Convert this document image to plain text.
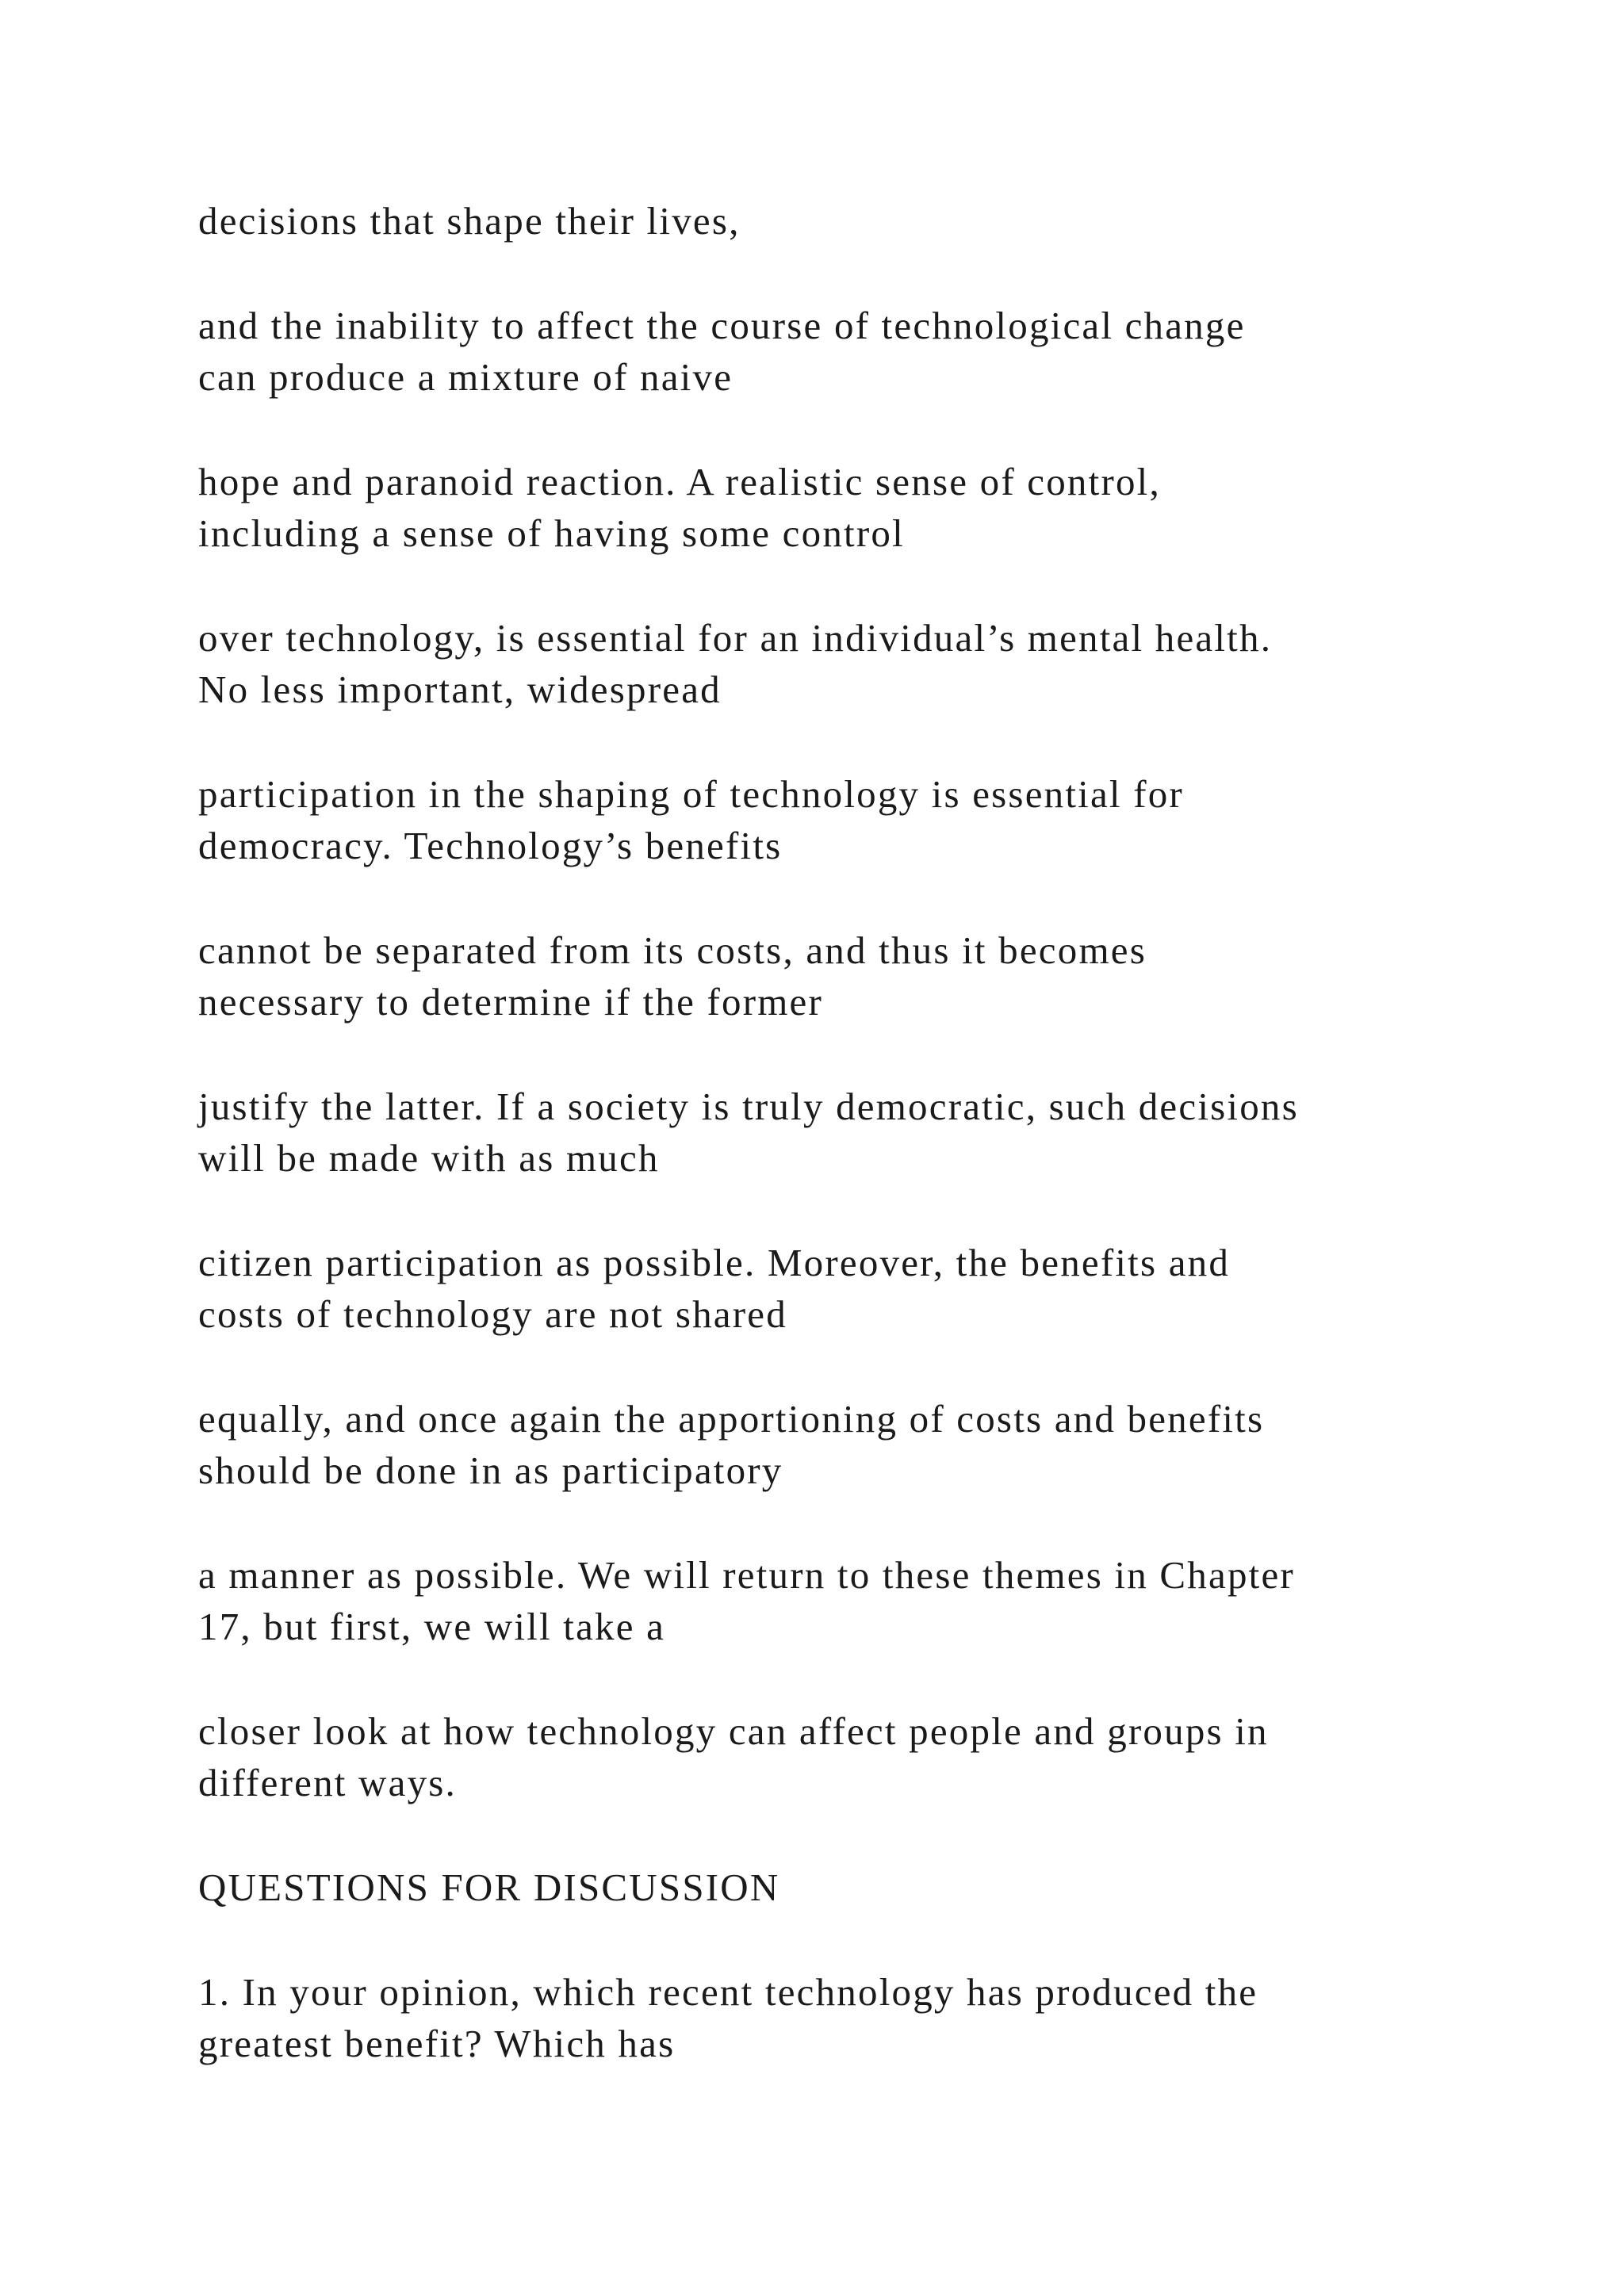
decisions that shape their lives,

and the inability to affect the course of technological change
can produce a mixture of naive

hope and paranoid reaction. A realistic sense of control,
including a sense of having some control

over technology, is essential for an individual’s mental health.
No less important, widespread

participation in the shaping of technology is essential for
democracy. Technology’s benefits

cannot be separated from its costs, and thus it becomes
necessary to determine if the former

justify the latter. If a society is truly democratic, such decisions
will be made with as much

citizen participation as possible. Moreover, the benefits and
costs of technology are not shared

equally, and once again the apportioning of costs and benefits
should be done in as participatory

a manner as possible. We will return to these themes in Chapter
17, but first, we will take a

closer look at how technology can affect people and groups in
different ways.

QUESTIONS FOR DISCUSSION

1. In your opinion, which recent technology has produced the
greatest benefit? Which has
